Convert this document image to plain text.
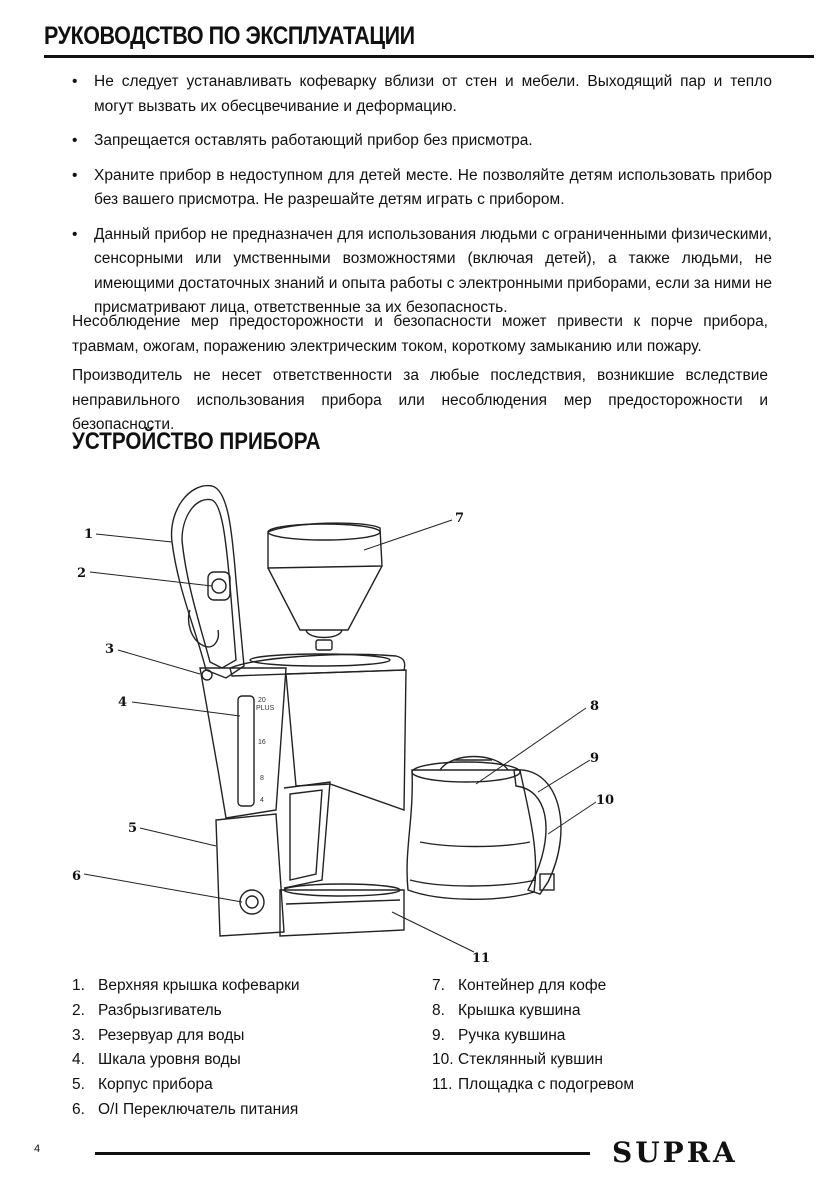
РУКОВОДСТВО ПО ЭКСПЛУАТАЦИИ
• Не следует устанавливать кофеварку вблизи от стен и мебели. Выходящий пар и тепло могут вызвать их обесцвечивание и деформацию.
• Запрещается оставлять работающий прибор без присмотра.
• Храните прибор в недоступном для детей месте. Не позволяйте детям использовать прибор без вашего присмотра. Не разрешайте детям играть с прибором.
• Данный прибор не предназначен для использования людьми с ограниченными физическими, сенсорными или умственными возможностями (включая детей), а также людьми, не имеющими достаточных знаний и опыта работы с электронными приборами, если за ними не присматривают лица, ответственные за их безопасность.

Несоблюдение мер предосторожности и безопасности может привести к порче прибора, травмам, ожогам, поражению электрическим током, короткому замыканию или пожару.

Производитель не несет ответственности за любые последствия, возникшие вследствие неправильного использования прибора или несоблюдения мер предосторожности и безопасности.

УСТРОЙСТВО ПРИБОРА
20
PLUS
16
8
4
1
2
3
4
5
6
7
8
9
10
11
1. Верхняя крышка кофеварки
2. Разбрызгиватель
3. Резервуар для воды
4. Шкала уровня воды
5. Корпус прибора
6. O/I Переключатель питания
7. Контейнер для кофе
8. Крышка кувшина
9. Ручка кувшина
10. Стеклянный кувшин
11. Площадка с подогревом
4	SUPRA
